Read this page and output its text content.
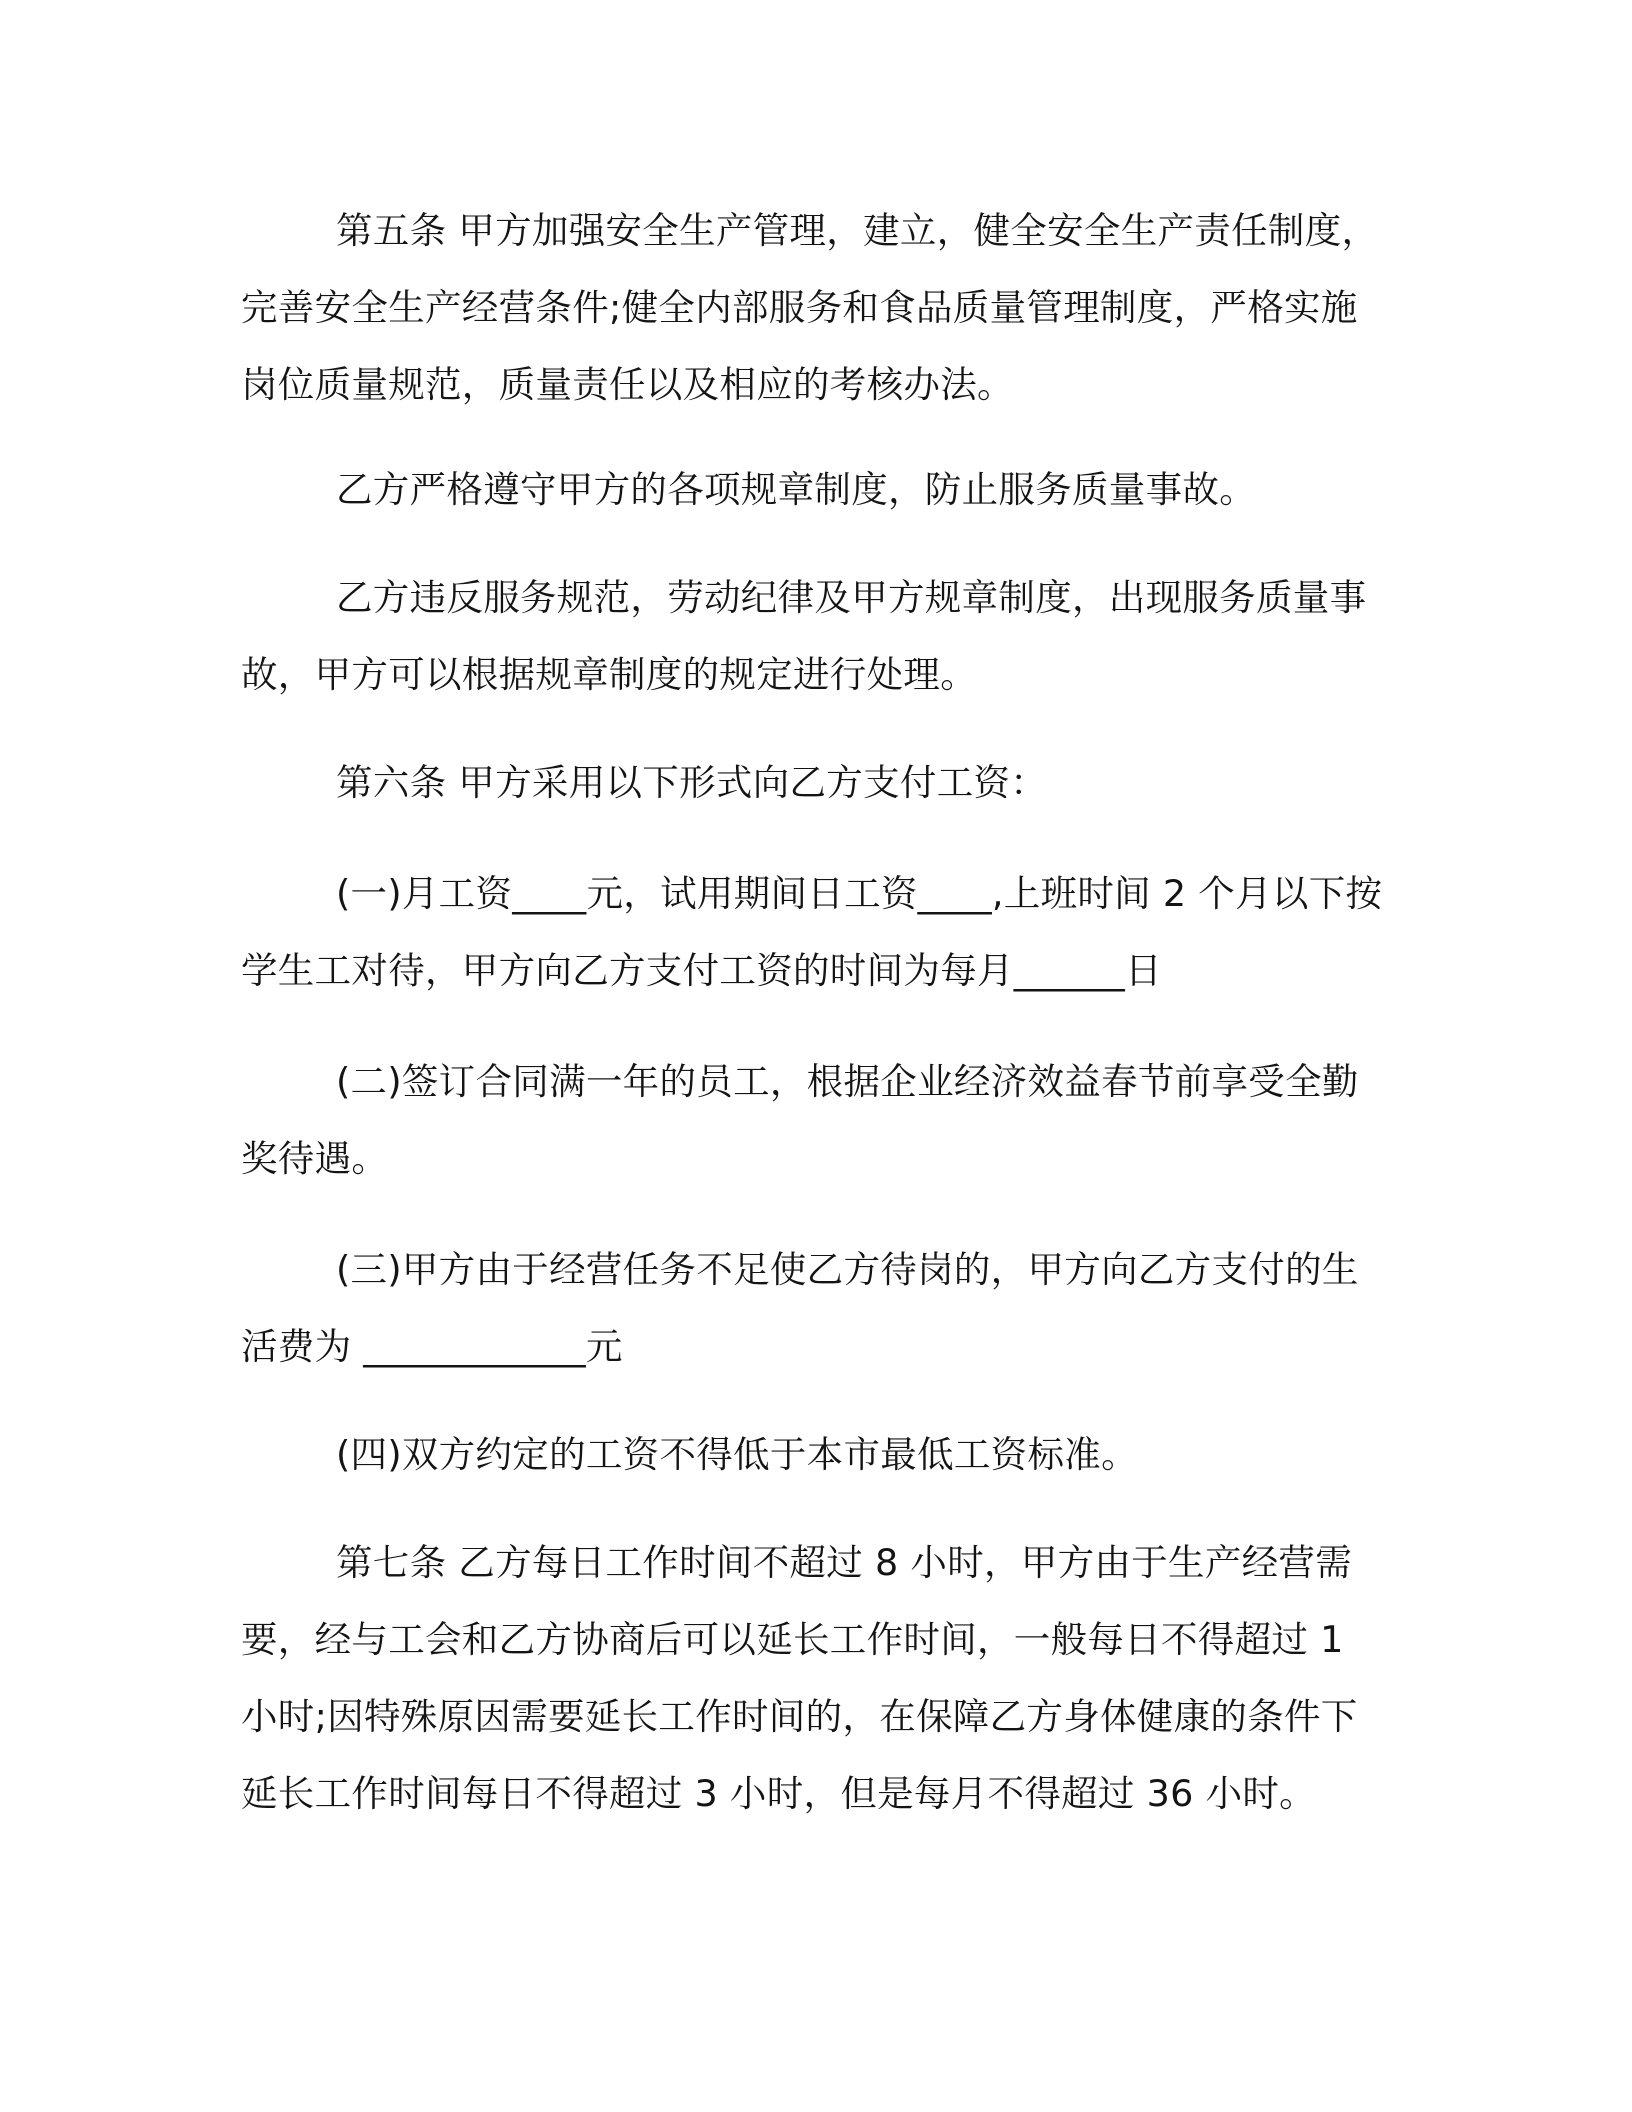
第五条 甲方加强安全生产管理，建立，健全安全生产责任制度，完善安全生产经营条件;健全内部服务和食品质量管理制度，严格实施岗位质量规范，质量责任以及相应的考核办法。

乙方严格遵守甲方的各项规章制度，防止服务质量事故。

乙方违反服务规范，劳动纪律及甲方规章制度，出现服务质量事故，甲方可以根据规章制度的规定进行处理。

第六条 甲方采用以下形式向乙方支付工资：

(一)月工资____元，试用期间日工资____,上班时间 2 个月以下按学生工对待，甲方向乙方支付工资的时间为每月______日

(二)签订合同满一年的员工，根据企业经济效益春节前享受全勤奖待遇。

(三)甲方由于经营任务不足使乙方待岗的，甲方向乙方支付的生活费为 ____________元

(四)双方约定的工资不得低于本市最低工资标准。

第七条 乙方每日工作时间不超过 8 小时，甲方由于生产经营需要，经与工会和乙方协商后可以延长工作时间，一般每日不得超过 1 小时;因特殊原因需要延长工作时间的，在保障乙方身体健康的条件下延长工作时间每日不得超过 3 小时，但是每月不得超过 36 小时。
